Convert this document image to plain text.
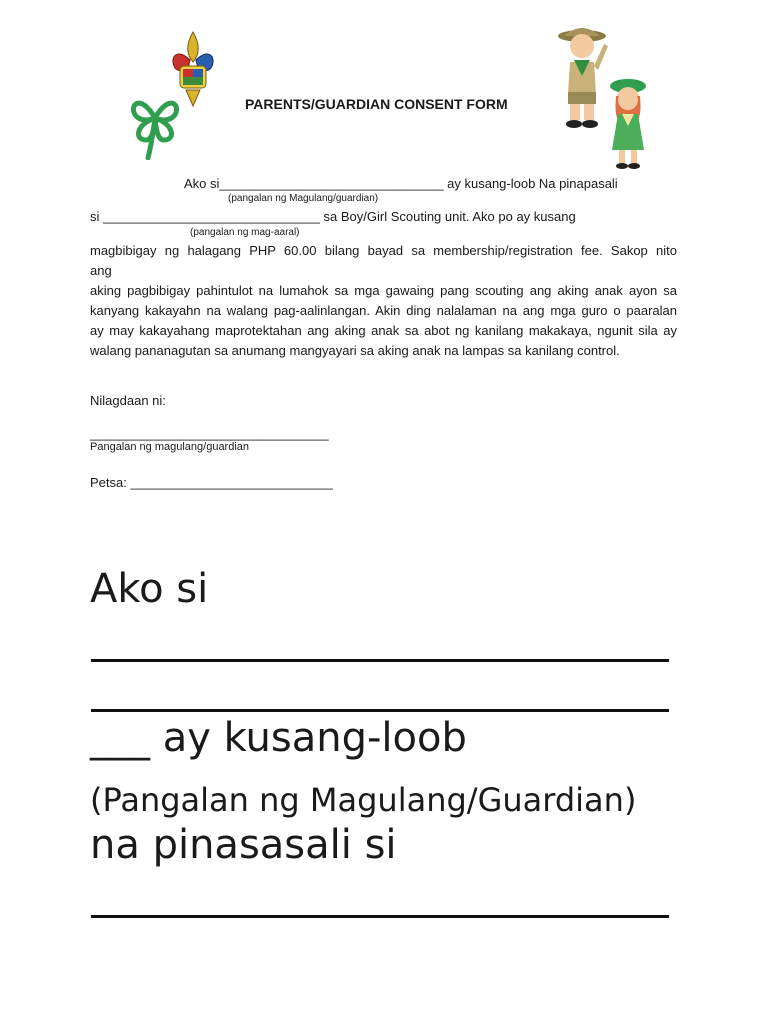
PARENTS/GUARDIAN CONSENT FORM
Ako si_______________________________ ay kusang-loob Na pinapasali
(pangalan ng Magulang/guardian)
si ______________________________ sa Boy/Girl Scouting unit. Ako po ay kusang
(pangalan ng mag-aaral)
magbibigay ng halagang PHP 60.00 bilang bayad sa membership/registration fee. Sakop nito
ang
aking pagbibigay pahintulot na lumahok sa mga gawaing pang scouting ang aking anak ayon sa
kanyang kakayahn na walang pag-aalinlangan. Akin ding nalalaman na ang mga guro o paaralan
ay may kakayahang maprotektahan ang aking anak sa abot ng kanilang makakaya, ngunit sila ay
walang pananagutan sa anumang mangyayari sa aking anak na lampas sa kanilang control.
Nilagdaan ni:
_________________________________
Pangalan ng magulang/guardian
Petsa: ____________________________
Ako si
___ ay kusang-loob
(Pangalan ng Magulang/Guardian)
na pinasasali si
